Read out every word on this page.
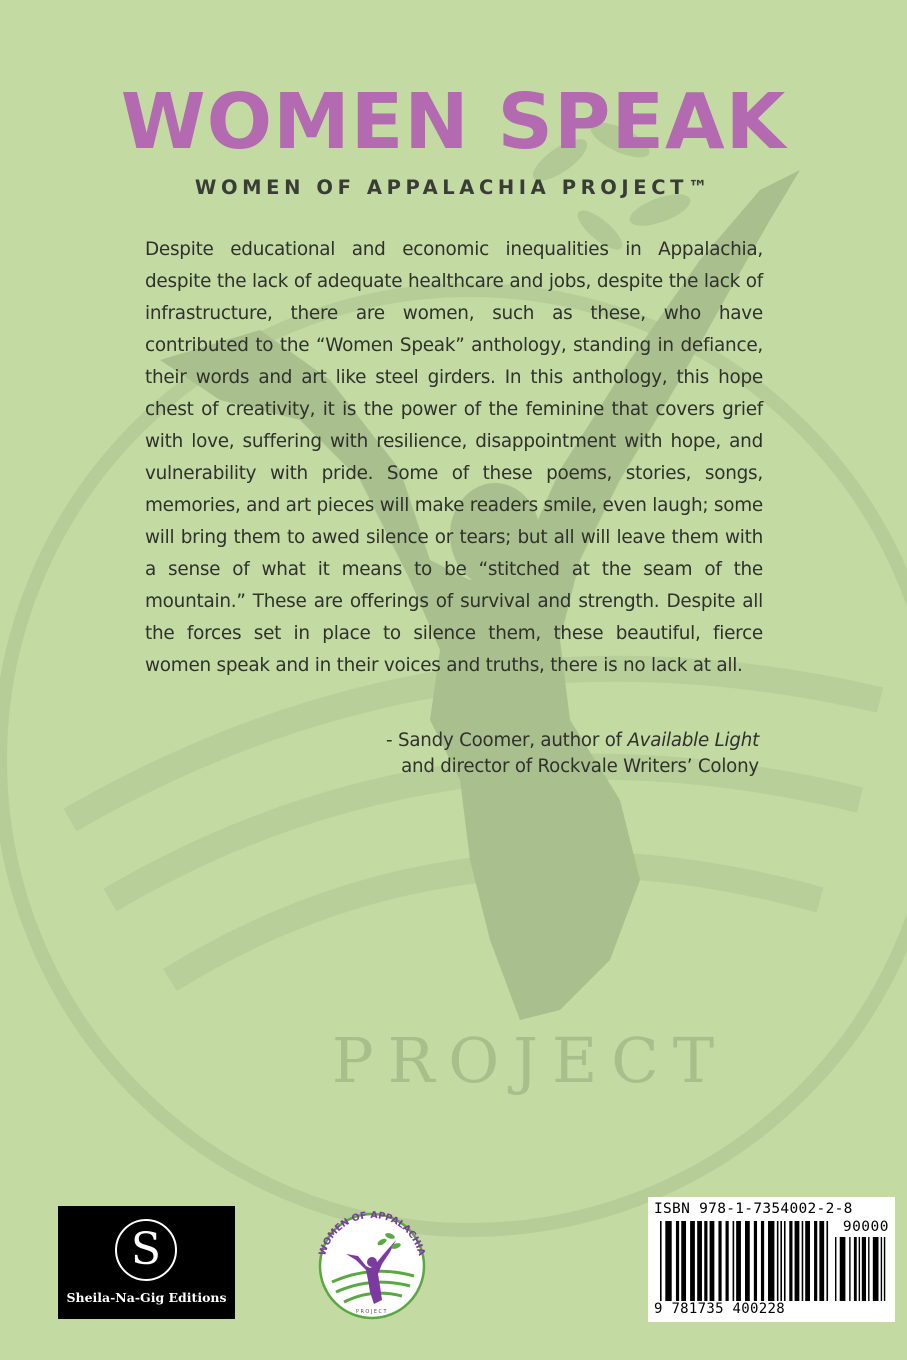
PROJECT
WOMEN SPEAK
WOMEN OF APPALACHIA PROJECT™

Despite educational and economic inequalities in Appalachia, despite the lack of adequate healthcare and jobs, despite the lack of infrastructure, there are women, such as these, who have contributed to the “Women Speak” anthology, standing in defiance, their words and art like steel girders. In this anthology, this hope chest of creativity, it is the power of the feminine that covers grief with love, suffering with resilience, disappointment with hope, and vulnerability with pride. Some of these poems, stories, songs, memories, and art pieces will make readers smile, even laugh; some will bring them to awed silence or tears; but all will leave them with a sense of what it means to be “stitched at the seam of the mountain.” These are offerings of survival and strength. Despite all the forces set in place to silence them, these beautiful, fierce women speak and in their voices and truths, there is no lack at all.

- Sandy Coomer, author of Available Light
and director of Rockvale Writers’ Colony
S
Sheila-Na-Gig Editions
WOMEN OF APPALACHIA
PROJECT
ISBN 978-1-7354002-2-8
90000
9 781735 400228
